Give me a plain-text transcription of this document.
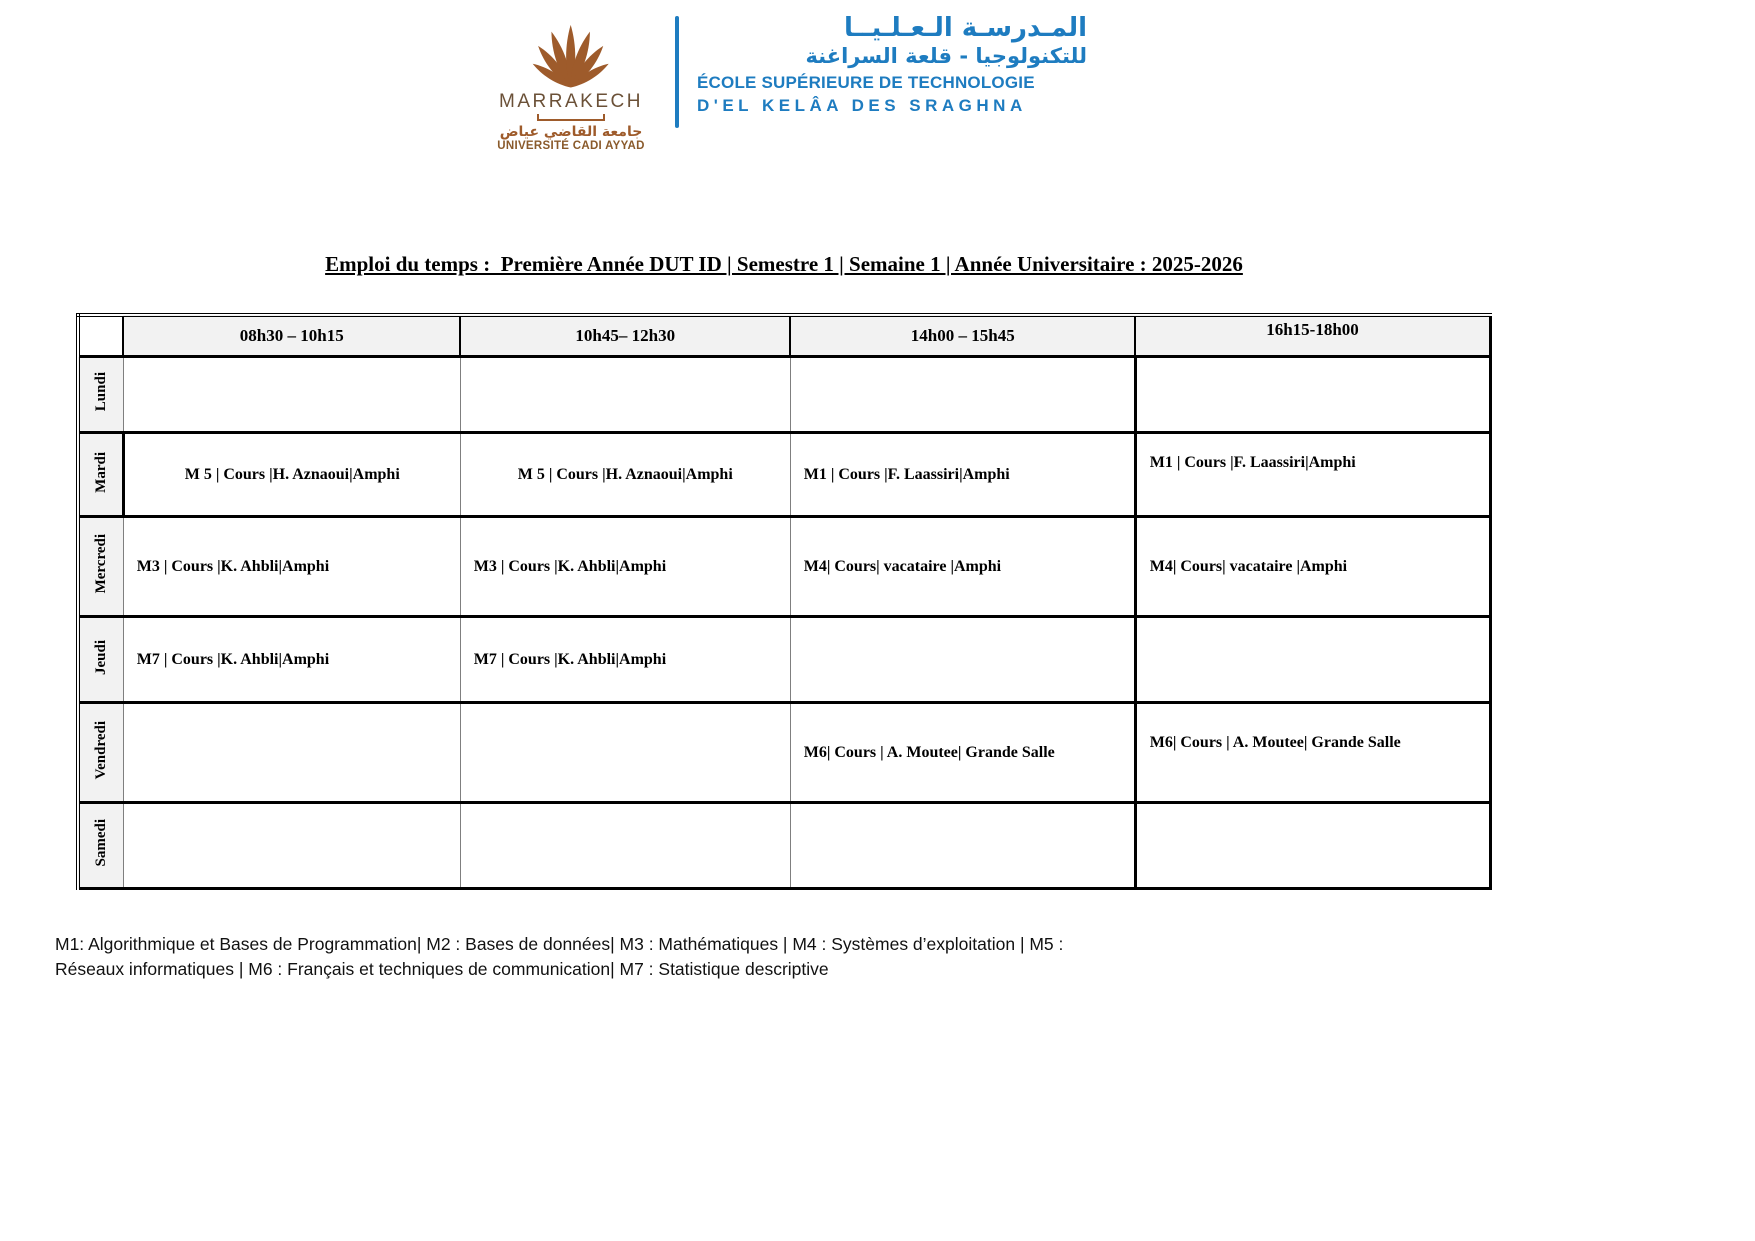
MARRAKECH
جامعة القاضي عياض
UNIVERSITÉ CADI AYYAD
المـدرسـة الـعـلـيــا
للتكنولوجيا - قلعة السراغنة
ÉCOLE SUPÉRIEURE DE TECHNOLOGIE
D'EL KELÂA DES SRAGHNA
Emploi du temps :  Première Année DUT ID | Semestre 1 | Semaine 1 | Année Universitaire : 2025-2026
	08h30 – 10h15	10h45– 12h30	14h00 – 15h45	16h15-18h00
Lundi				
Mardi	M 5 | Cours |H. Aznaoui|Amphi	M 5 | Cours |H. Aznaoui|Amphi	M1 | Cours |F. Laassiri|Amphi	M1 | Cours |F. Laassiri|Amphi
Mercredi	M3 | Cours |K. Ahbli|Amphi	M3 | Cours |K. Ahbli|Amphi	M4| Cours| vacataire |Amphi	M4| Cours| vacataire |Amphi
Jeudi	M7 | Cours |K. Ahbli|Amphi	M7 | Cours |K. Ahbli|Amphi		
Vendredi			M6| Cours | A. Moutee| Grande Salle	M6| Cours | A. Moutee| Grande Salle
Samedi				
M1: Algorithmique et Bases de Programmation| M2 : Bases de données| M3 : Mathématiques | M4 : Systèmes d’exploitation | M5 :
Réseaux informatiques | M6 : Français et techniques de communication| M7 : Statistique descriptive
